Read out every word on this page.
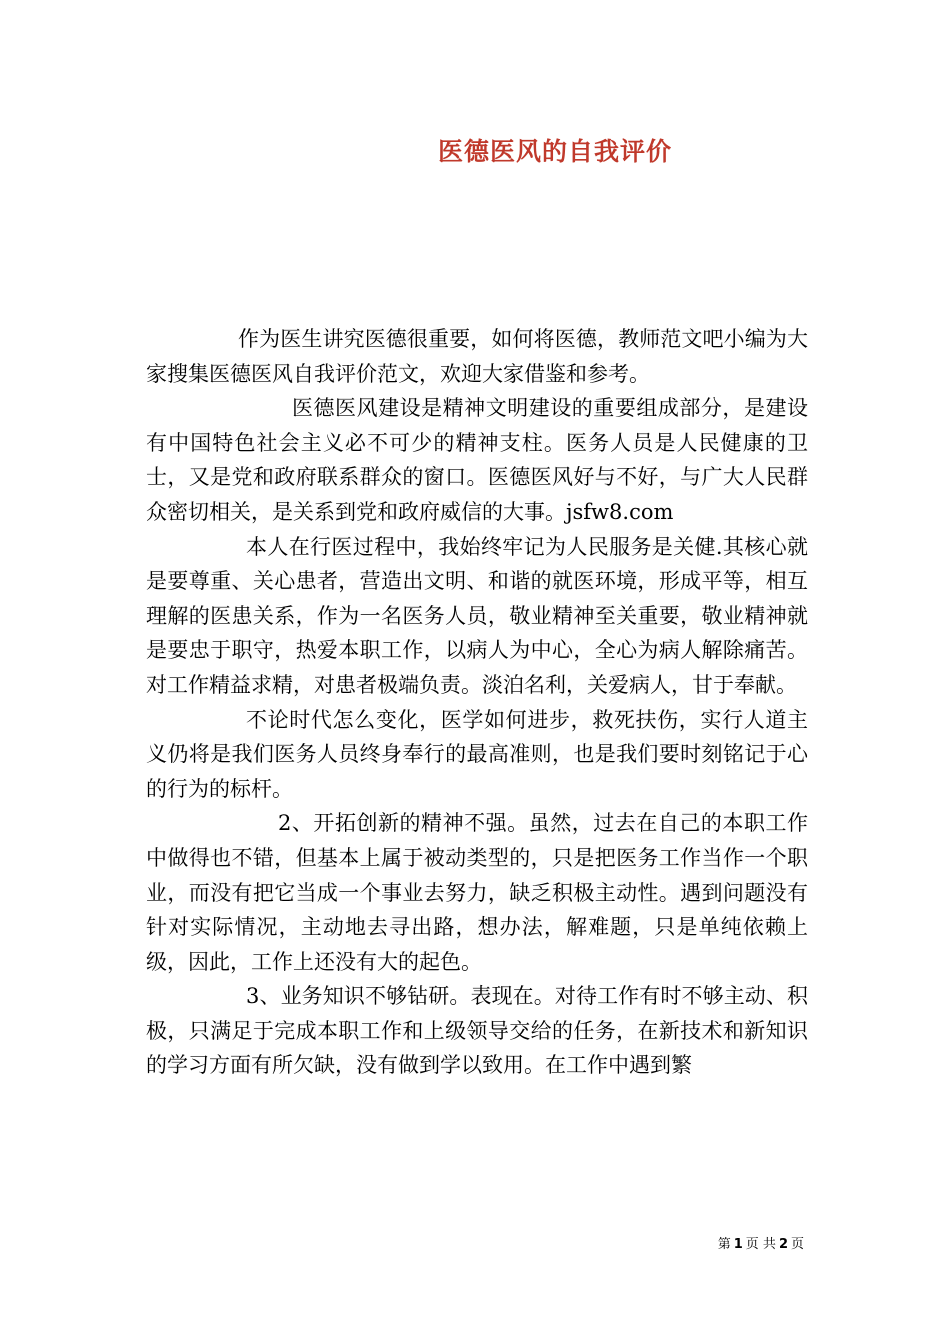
医德医风的自我评价

作为医生讲究医德很重要，如何将医德，教师范文吧小编为大家搜集医德医风自我评价范文，欢迎大家借鉴和参考。

医德医风建设是精神文明建设的重要组成部分，是建设有中国特色社会主义必不可少的精神支柱。医务人员是人民健康的卫士，又是党和政府联系群众的窗口。医德医风好与不好，与广大人民群众密切相关，是关系到党和政府威信的大事。jsfw8.com

本人在行医过程中，我始终牢记为人民服务是关健.其核心就是要尊重、关心患者，营造出文明、和谐的就医环境，形成平等，相互理解的医患关系，作为一名医务人员，敬业精神至关重要，敬业精神就是要忠于职守，热爱本职工作，以病人为中心，全心为病人解除痛苦。对工作精益求精，对患者极端负责。淡泊名利，关爱病人，甘于奉献。

不论时代怎么变化，医学如何进步，救死扶伤，实行人道主义仍将是我们医务人员终身奉行的最高准则，也是我们要时刻铭记于心的行为的标杆。

2、开拓创新的精神不强。虽然，过去在自己的本职工作中做得也不错，但基本上属于被动类型的，只是把医务工作当作一个职业，而没有把它当成一个事业去努力，缺乏积极主动性。遇到问题没有针对实际情况，主动地去寻出路，想办法，解难题，只是单纯依赖上级，因此，工作上还没有大的起色。

3、业务知识不够钻研。表现在。对待工作有时不够主动、积极，只满足于完成本职工作和上级领导交给的任务，在新技术和新知识的学习方面有所欠缺，没有做到学以致用。在工作中遇到繁

第 1 页 共 2 页
